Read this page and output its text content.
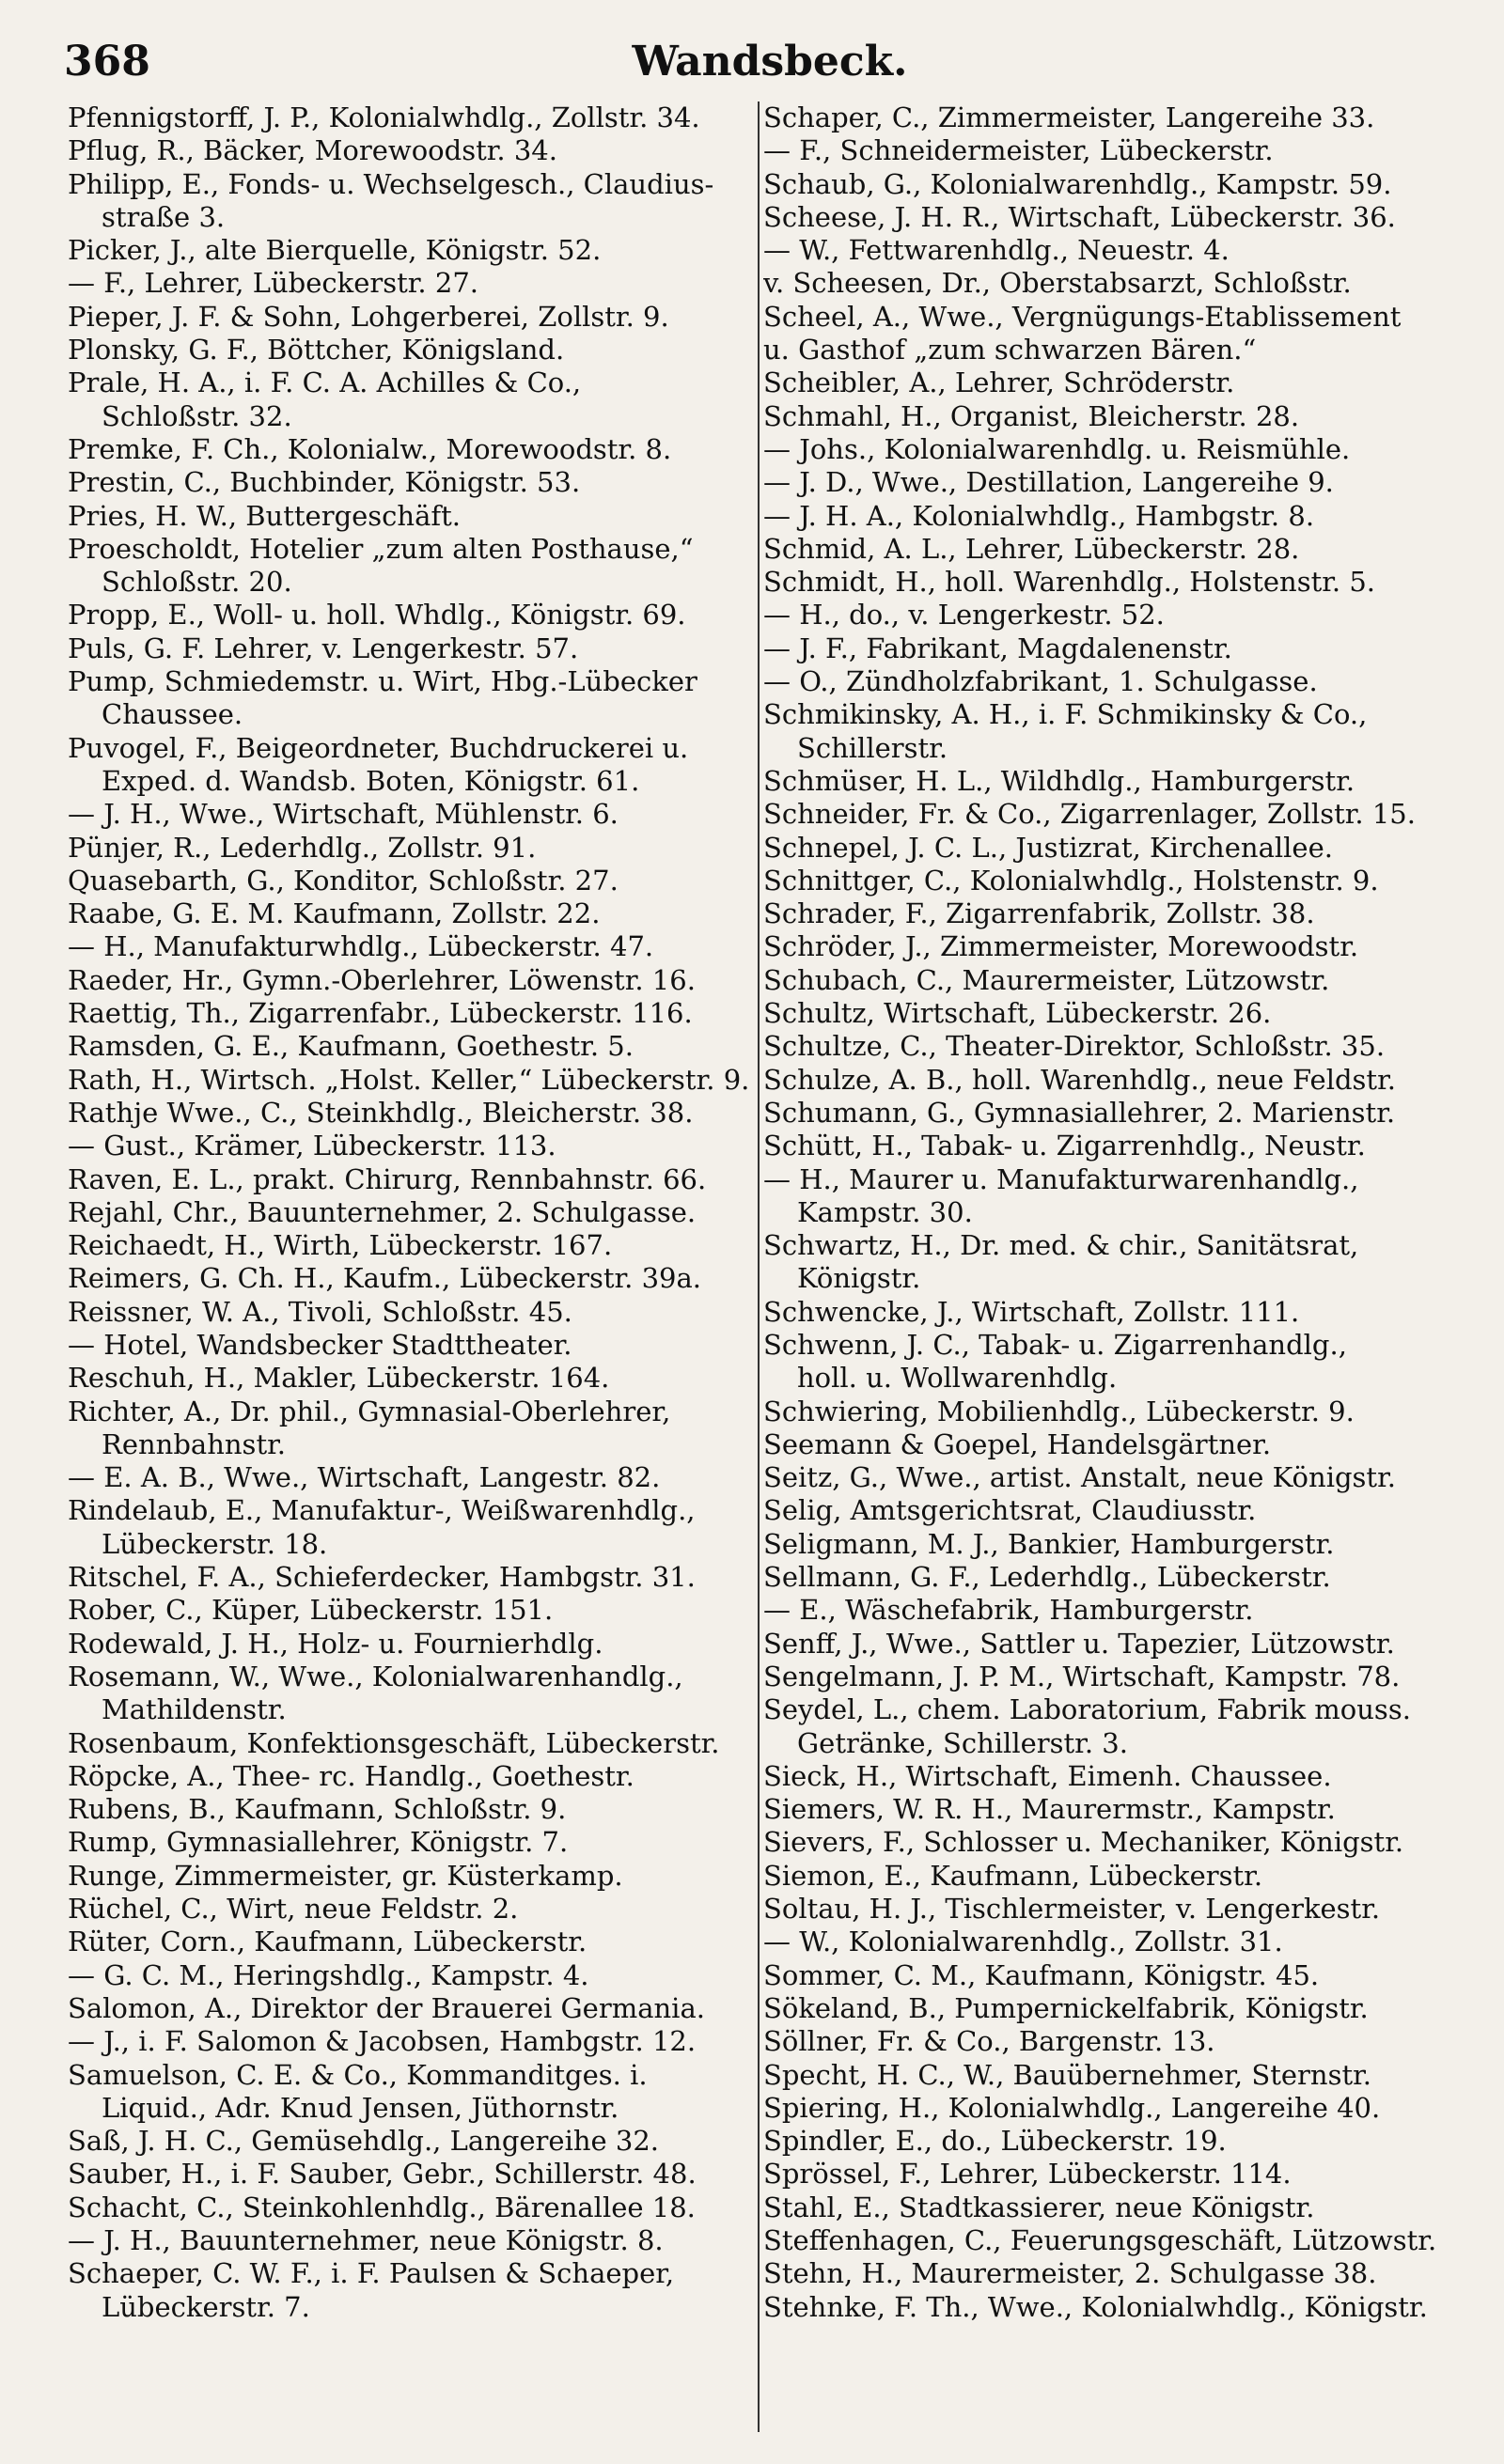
Wandsbeck.
368
Pfennigstorff, J. P., Kolonialwhdlg., Zollstr. 34.
Pflug, R., Bäcker, Morewoodstr. 34.
Philipp, E., Fonds- u. Wechselgesch., Claudius-
straße 3.
Picker, J., alte Bierquelle, Königstr. 52.
— F., Lehrer, Lübeckerstr. 27.
Pieper, J. F. & Sohn, Lohgerberei, Zollstr. 9.
Plonsky, G. F., Böttcher, Königsland.
Prale, H. A., i. F. C. A. Achilles & Co.,
Schloßstr. 32.
Premke, F. Ch., Kolonialw., Morewoodstr. 8.
Prestin, C., Buchbinder, Königstr. 53.
Pries, H. W., Buttergeschäft.
Proescholdt, Hotelier „zum alten Posthause,“
Schloßstr. 20.
Propp, E., Woll- u. holl. Whdlg., Königstr. 69.
Puls, G. F. Lehrer, v. Lengerkestr. 57.
Pump, Schmiedemstr. u. Wirt, Hbg.-Lübecker
Chaussee.
Puvogel, F., Beigeordneter, Buchdruckerei u.
Exped. d. Wandsb. Boten, Königstr. 61.
— J. H., Wwe., Wirtschaft, Mühlenstr. 6.
Pünjer, R., Lederhdlg., Zollstr. 91.
Quasebarth, G., Konditor, Schloßstr. 27.
Raabe, G. E. M. Kaufmann, Zollstr. 22.
— H., Manufakturwhdlg., Lübeckerstr. 47.
Raeder, Hr., Gymn.-Oberlehrer, Löwenstr. 16.
Raettig, Th., Zigarrenfabr., Lübeckerstr. 116.
Ramsden, G. E., Kaufmann, Goethestr. 5.
Rath, H., Wirtsch. „Holst. Keller,“ Lübeckerstr. 9.
Rathje Wwe., C., Steinkhdlg., Bleicherstr. 38.
— Gust., Krämer, Lübeckerstr. 113.
Raven, E. L., prakt. Chirurg, Rennbahnstr. 66.
Rejahl, Chr., Bauunternehmer, 2. Schulgasse.
Reichaedt, H., Wirth, Lübeckerstr. 167.
Reimers, G. Ch. H., Kaufm., Lübeckerstr. 39a.
Reissner, W. A., Tivoli, Schloßstr. 45.
— Hotel, Wandsbecker Stadttheater.
Reschuh, H., Makler, Lübeckerstr. 164.
Richter, A., Dr. phil., Gymnasial-Oberlehrer,
Rennbahnstr.
— E. A. B., Wwe., Wirtschaft, Langestr. 82.
Rindelaub, E., Manufaktur-, Weißwarenhdlg.,
Lübeckerstr. 18.
Ritschel, F. A., Schieferdecker, Hambgstr. 31.
Rober, C., Küper, Lübeckerstr. 151.
Rodewald, J. H., Holz- u. Fournierhdlg.
Rosemann, W., Wwe., Kolonialwarenhandlg.,
Mathildenstr.
Rosenbaum, Konfektionsgeschäft, Lübeckerstr.
Röpcke, A., Thee- rc. Handlg., Goethestr.
Rubens, B., Kaufmann, Schloßstr. 9.
Rump, Gymnasiallehrer, Königstr. 7.
Runge, Zimmermeister, gr. Küsterkamp.
Rüchel, C., Wirt, neue Feldstr. 2.
Rüter, Corn., Kaufmann, Lübeckerstr.
— G. C. M., Heringshdlg., Kampstr. 4.
Salomon, A., Direktor der Brauerei Germania.
— J., i. F. Salomon & Jacobsen, Hambgstr. 12.
Samuelson, C. E. & Co., Kommanditges. i.
Liquid., Adr. Knud Jensen, Jüthornstr.
Saß, J. H. C., Gemüsehdlg., Langereihe 32.
Sauber, H., i. F. Sauber, Gebr., Schillerstr. 48.
Schacht, C., Steinkohlenhdlg., Bärenallee 18.
— J. H., Bauunternehmer, neue Königstr. 8.
Schaeper, C. W. F., i. F. Paulsen & Schaeper,
Lübeckerstr. 7.
Schaper, C., Zimmermeister, Langereihe 33.
— F., Schneidermeister, Lübeckerstr.
Schaub, G., Kolonialwarenhdlg., Kampstr. 59.
Scheese, J. H. R., Wirtschaft, Lübeckerstr. 36.
— W., Fettwarenhdlg., Neuestr. 4.
v. Scheesen, Dr., Oberstabsarzt, Schloßstr.
Scheel, A., Wwe., Vergnügungs-Etablissement
u. Gasthof „zum schwarzen Bären.“
Scheibler, A., Lehrer, Schröderstr.
Schmahl, H., Organist, Bleicherstr. 28.
— Johs., Kolonialwarenhdlg. u. Reismühle.
— J. D., Wwe., Destillation, Langereihe 9.
— J. H. A., Kolonialwhdlg., Hambgstr. 8.
Schmid, A. L., Lehrer, Lübeckerstr. 28.
Schmidt, H., holl. Warenhdlg., Holstenstr. 5.
— H., do., v. Lengerkestr. 52.
— J. F., Fabrikant, Magdalenenstr.
— O., Zündholzfabrikant, 1. Schulgasse.
Schmikinsky, A. H., i. F. Schmikinsky & Co.,
Schillerstr.
Schmüser, H. L., Wildhdlg., Hamburgerstr.
Schneider, Fr. & Co., Zigarrenlager, Zollstr. 15.
Schnepel, J. C. L., Justizrat, Kirchenallee.
Schnittger, C., Kolonialwhdlg., Holstenstr. 9.
Schrader, F., Zigarrenfabrik, Zollstr. 38.
Schröder, J., Zimmermeister, Morewoodstr.
Schubach, C., Maurermeister, Lützowstr.
Schultz, Wirtschaft, Lübeckerstr. 26.
Schultze, C., Theater-Direktor, Schloßstr. 35.
Schulze, A. B., holl. Warenhdlg., neue Feldstr.
Schumann, G., Gymnasiallehrer, 2. Marienstr.
Schütt, H., Tabak- u. Zigarrenhdlg., Neustr.
— H., Maurer u. Manufakturwarenhandlg.,
Kampstr. 30.
Schwartz, H., Dr. med. & chir., Sanitätsrat,
Königstr.
Schwencke, J., Wirtschaft, Zollstr. 111.
Schwenn, J. C., Tabak- u. Zigarrenhandlg.,
holl. u. Wollwarenhdlg.
Schwiering, Mobilienhdlg., Lübeckerstr. 9.
Seemann & Goepel, Handelsgärtner.
Seitz, G., Wwe., artist. Anstalt, neue Königstr.
Selig, Amtsgerichtsrat, Claudiusstr.
Seligmann, M. J., Bankier, Hamburgerstr.
Sellmann, G. F., Lederhdlg., Lübeckerstr.
— E., Wäschefabrik, Hamburgerstr.
Senff, J., Wwe., Sattler u. Tapezier, Lützowstr.
Sengelmann, J. P. M., Wirtschaft, Kampstr. 78.
Seydel, L., chem. Laboratorium, Fabrik mouss.
Getränke, Schillerstr. 3.
Sieck, H., Wirtschaft, Eimenh. Chaussee.
Siemers, W. R. H., Maurermstr., Kampstr.
Sievers, F., Schlosser u. Mechaniker, Königstr.
Siemon, E., Kaufmann, Lübeckerstr.
Soltau, H. J., Tischlermeister, v. Lengerkestr.
— W., Kolonialwarenhdlg., Zollstr. 31.
Sommer, C. M., Kaufmann, Königstr. 45.
Sökeland, B., Pumpernickelfabrik, Königstr.
Söllner, Fr. & Co., Bargenstr. 13.
Specht, H. C., W., Bauübernehmer, Sternstr.
Spiering, H., Kolonialwhdlg., Langereihe 40.
Spindler, E., do., Lübeckerstr. 19.
Sprössel, F., Lehrer, Lübeckerstr. 114.
Stahl, E., Stadtkassierer, neue Königstr.
Steffenhagen, C., Feuerungsgeschäft, Lützowstr.
Stehn, H., Maurermeister, 2. Schulgasse 38.
Stehnke, F. Th., Wwe., Kolonialwhdlg., Königstr.
